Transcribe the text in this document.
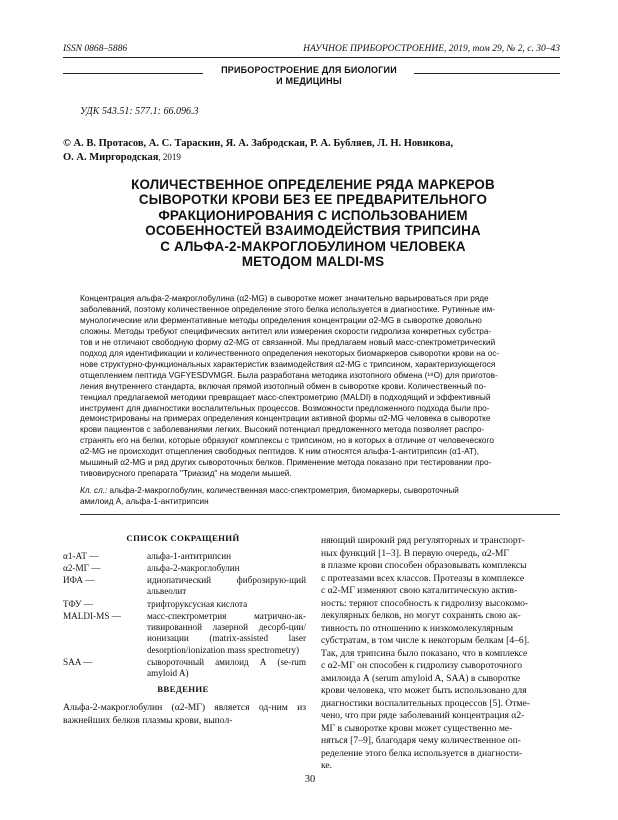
ISSN 0868–5886	НАУЧНОЕ ПРИБОРОСТРОЕНИЕ, 2019, том 29, № 2, c. 30–43
ПРИБОРОСТРОЕНИЕ ДЛЯ БИОЛОГИИ
И МЕДИЦИНЫ
УДК 543.51: 577.1: 66.096.3
© А. В. Протасов, А. С. Тараскин, Я. А. Забродская, Р. А. Бубляев, Л. Н. Новикова,
О. А. Миргородская, 2019
КОЛИЧЕСТВЕННОЕ ОПРЕДЕЛЕНИЕ РЯДА МАРКЕРОВ
СЫВОРОТКИ КРОВИ БЕЗ ЕЕ ПРЕДВАРИТЕЛЬНОГО
ФРАКЦИОНИРОВАНИЯ С ИСПОЛЬЗОВАНИЕМ
ОСОБЕННОСТЕЙ ВЗАИМОДЕЙСТВИЯ ТРИПСИНА
С АЛЬФА-2-МАКРОГЛОБУЛИНОМ ЧЕЛОВЕКА
МЕТОДОМ MALDI-MS
Концентрация альфа-2-макроглобулина (α2-MG) в сыворотке может значительно варьироваться при ряде
заболеваний, поэтому количественное определение этого белка используется в диагностике. Рутинные им-
мунологические или ферментативные методы определения концентрации α2-MG в сыворотке довольно
сложны. Методы требуют специфических антител или измерения скорости гидролиза конкретных субстра-
тов и не отличают свободную форму α2-MG от связанной. Мы предлагаем новый масс-спектрометрический
подход для идентификации и количественного определения некоторых биомаркеров сыворотки крови на ос-
нове структурно-функциональных характеристик взаимодействия α2-MG с трипсином, характеризующегося
отщеплением пептида VGFYESDVMGR. Была разработана методика изотопного обмена (¹⁸O) для приготов-
ления внутреннего стандарта, включая прямой изотопный обмен в сыворотке крови. Количественный по-
тенциал предлагаемой методики превращает масс-спектрометрию (MALDI) в подходящий и эффективный
инструмент для диагностики воспалительных процессов. Возможности предложенного подхода были про-
демонстрированы на примерах определения концентрации активной формы α2-MG человека в сыворотке
крови пациентов с заболеваниями легких. Высокий потенциал предложенного метода позволяет распро-
странять его на белки, которые образуют комплексы с трипсином, но в которых в отличие от человеческого
α2-MG не происходит отщепления свободных пептидов. К ним относятся альфа-1-антитрипсин (α1-AT),
мышиный α2-MG и ряд других сывороточных белков. Применение метода показано при тестировании про-
тивовирусного препарата "Триазид" на модели мышей.
Кл. сл.: альфа-2-макроглобулин, количественная масс-спектрометрия, биомаркеры, сывороточный
амилоид А, альфа-1-антитрипсин
СПИСОК СОКРАЩЕНИЙ
α1-АТ —	альфа-1-антитрипсин
α2-МГ —	альфа-2-макроглобулин
ИФА —	идиопатический фиброзирую-щий альвеолит
ТФУ —	трифторуксусная кислота
MALDI-MS —	масс-спектрометрия матрично-ак-тивированной лазерной десорб-ции/ионизации (matrix-assisted laser desorption/ionization mass spectrometry)
SAA —	сывороточный амилоид А (se-rum amyloid A)
ВВЕДЕНИЕ
Альфа-2-макроглобулин (α2-МГ) является од-ним из важнейших белков плазмы крови, выпол-
няющий широкий ряд регуляторных и транспорт-
ных функций [1–3]. В первую очередь, α2-МГ
в плазме крови способен образовывать комплексы
с протеазами всех классов. Протеазы в комплексе
с α2-МГ изменяют свою каталитическую актив-
ность: теряют способность к гидролизу высокомо-
лекулярных белков, но могут сохранять свою ак-
тивность по отношению к низкомолекулярным
субстратам, в том числе к некоторым белкам [4–6].
Так, для трипсина было показано, что в комплексе
с α2-МГ он способен к гидролизу сывороточного
амилоида А (serum amyloid A, SAA) в сыворотке
крови человека, что может быть использовано для
диагностики воспалительных процессов [5]. Отме-
чено, что при ряде заболеваний концентрация α2-
МГ в сыворотке крови может существенно ме-
няться [7–9], благодаря чему количественное оп-
ределение этого белка используется в диагности-
ке.
30
